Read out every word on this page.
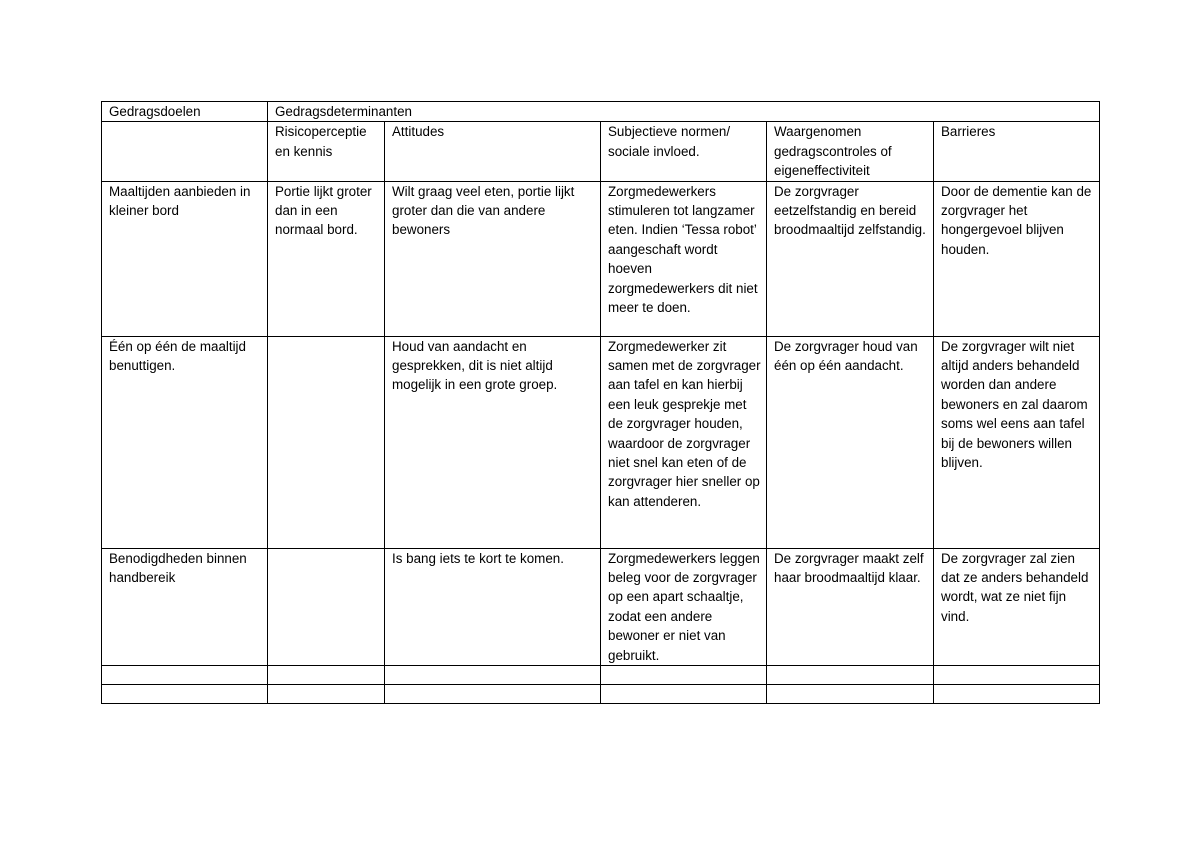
Gedragsdoelen	Gedragsdeterminanten				
	Risicoperceptie en kennis	Attitudes	Subjectieve normen/ sociale invloed.	Waargenomen gedragscontroles of eigeneffectiviteit	Barrieres
Maaltijden aanbieden in kleiner bord	Portie lijkt groter dan in een normaal bord.	Wilt graag veel eten, portie lijkt groter dan die van andere bewoners	Zorgmedewerkers stimuleren tot langzamer eten. Indien ‘Tessa robot’ aangeschaft wordt hoeven zorgmedewerkers dit niet meer te doen.	De zorgvrager eetzelfstandig en bereid broodmaaltijd zelfstandig.	Door de dementie kan de zorgvrager het hongergevoel blijven houden.
Één op één de maaltijd benuttigen.		Houd van aandacht en gesprekken, dit is niet altijd mogelijk in een grote groep.	Zorgmedewerker zit samen met de zorgvrager aan tafel en kan hierbij een leuk gesprekje met de zorgvrager houden, waardoor de zorgvrager niet snel kan eten of de zorgvrager hier sneller op kan attenderen.	De zorgvrager houd van één op één aandacht.	De zorgvrager wilt niet altijd anders behandeld worden dan andere bewoners en zal daarom soms wel eens aan tafel bij de bewoners willen blijven.
Benodigdheden binnen handbereik		Is bang iets te kort te komen.	Zorgmedewerkers leggen beleg voor de zorgvrager op een apart schaaltje, zodat een andere bewoner er niet van gebruikt.	De zorgvrager maakt zelf haar broodmaaltijd klaar.	De zorgvrager zal zien dat ze anders behandeld wordt, wat ze niet fijn vind.
